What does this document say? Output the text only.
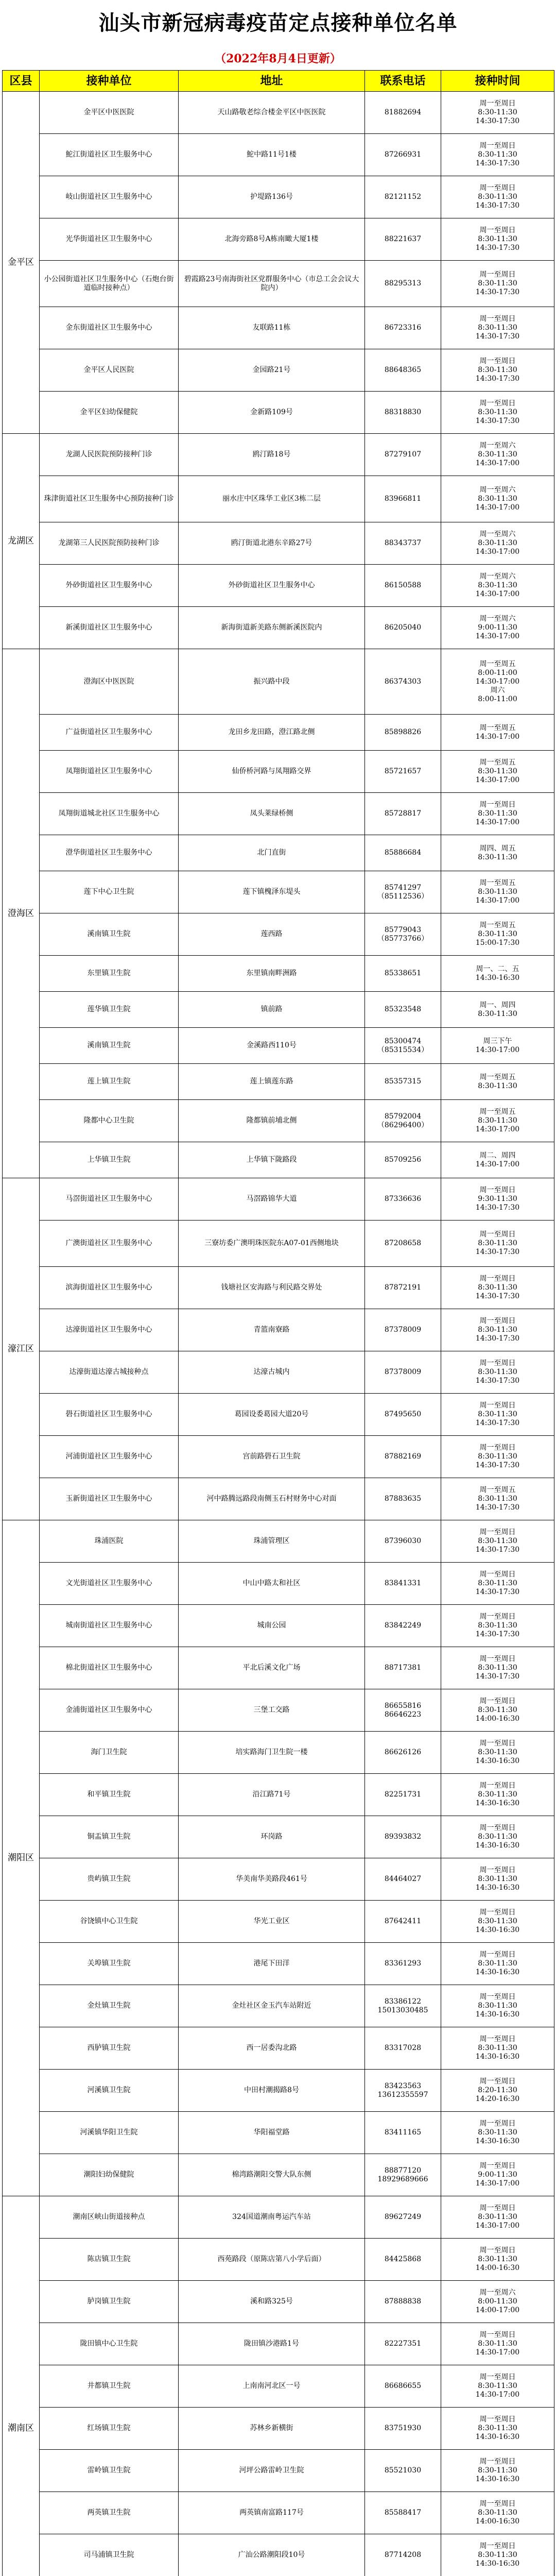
汕头市新冠病毒疫苗定点接种单位名单
（2022年8月4日更新）
区县	接种单位	地址	联系电话	接种时间
金平区	金平区中医医院	天山路敬老综合楼金平区中医医院	81882694	周一至周日
8:30-11:30
14:30-17:30
	鮀江街道社区卫生服务中心	鮀中路11号1楼	87266931	周一至周日
8:30-11:30
14:30-17:30
	岐山街道社区卫生服务中心	护堤路136号	82121152	周一至周日
8:30-11:30
14:30-17:30
	光华街道社区卫生服务中心	北海旁路8号A栋南瞰大厦1楼	88221637	周一至周日
8:30-11:30
14:30-17:30
	小公园街道社区卫生服务中心（石炮台街道临时接种点）	碧霞路23号南海街社区党群服务中心（市总工会会议大院内）	88295313	周一至周日
8:30-11:30
14:30-17:30
	金东街道社区卫生服务中心	友联路11栋	86723316	周一至周日
8:30-11:30
14:30-17:30
	金平区人民医院	金园路21号	88648365	周一至周日
8:30-11:30
14:30-17:30
	金平区妇幼保健院	金新路109号	88318830	周一至周日
8:30-11:30
14:30-17:30
龙湖区	龙湖人民医院预防接种门诊	鸥汀路18号	87279107	周一至周六
8:30-11:30
14:30-17:00
	珠津街道社区卫生服务中心预防接种门诊	丽水庄中区珠华工业区3栋二层	83966811	周一至周六
8:30-11:30
14:30-17:00
	龙湖第三人民医院预防接种门诊	鸥汀街道北港东辛路27号	88343737	周一至周六
8:30-11:30
14:30-17:00
	外砂街道社区卫生服务中心	外砂街道社区卫生服务中心	86150588	周一至周六
8:30-11:30
14:30-17:00
	新溪街道社区卫生服务中心	新海街道新美路东侧新溪医院内	86205040	周一至周六
9:00-11:30
14:30-17:00
澄海区	澄海区中医医院	振兴路中段	86374303	周一至周五
8:00-11:00
14:30-17:00
周六
8:00-11:00
	广益街道社区卫生服务中心	龙田乡龙田路，澄江路北侧	85898826	周一至周五
14:30-17:00
	凤翔街道社区卫生服务中心	仙侨桥河路与凤翔路交界	85721657	周一至周五
8:30-11:30
14:30-17:00
	凤翔街道城北社区卫生服务中心	凤头莱绿桥侧	85728817	周一至周日
8:30-11:30
14:30-17:00
	澄华街道社区卫生服务中心	北门直街	85886684	周四、周五
8:30-11:30
	莲下中心卫生院	莲下镇槐泽东堤头	85741297
（85112536）	周一至周五
8:30-11:30
14:30-17:00
	溪南镇卫生院	莲西路	85779043
（85773766）	周一至周五
8:30-11:30
15:00-17:30
	东里镇卫生院	东里镇南畔洲路	85338651	周一、二、五
14:30-16:30
	莲华镇卫生院	镇前路	85323548	周一、周四
8:30-11:30
	溪南镇卫生院	金溪路西110号	85300474
（85315534）	周三下午
14:30-17:00
	莲上镇卫生院	莲上镇莲东路	85357315	周一至周五
8:30-11:30
	隆都中心卫生院	隆都镇前埔北侧	85792004
（86296400）	周一至周五
8:30-11:30
14:30-17:00
	上华镇卫生院	上华镇下陇路段	85709256	周二、周四
14:30-17:00
濠江区	马滘街道社区卫生服务中心	马滘路锦华大道	87336636	周一至周日
9:30-11:30
14:30-17:30
	广澳街道社区卫生服务中心	三寮坊委广澳明珠医院东A07-01西侧地块	87208658	周一至周日
8:30-11:30
14:30-17:30
	滨海街道社区卫生服务中心	钱塘社区安海路与利民路交界处	87872191	周一至周日
8:30-11:30
14:30-17:30
	达濠街道社区卫生服务中心	青篮南寮路	87378009	周一至周日
8:30-11:30
14:30-17:30
	达濠街道达濠古城接种点	达濠古城内	87378009	周一至周日
8:30-11:30
14:30-17:30
	礐石街道社区卫生服务中心	葛园设委葛园大道20号	87495650	周一至周日
8:30-11:30
14:30-17:30
	河浦街道社区卫生服务中心	宫前路礐石卫生院	87882169	周一至周日
8:30-11:30
14:30-17:30
	玉新街道社区卫生服务中心	河中路腾远路段南侧玉石村财务中心对面	87883635	周一至周五
8:30-11:30
14:30-17:30
潮阳区	珠浦医院	珠浦管理区	87396030	周一至周日
8:30-11:30
14:30-17:30
	文光街道社区卫生服务中心	中山中路太和社区	83841331	周一至周日
8:30-11:30
14:30-17:30
	城南街道社区卫生服务中心	城南公园	83842249	周一至周日
8:30-11:30
14:30-17:30
	棉北街道社区卫生服务中心	平北后溪文化广场	88717381	周一至周日
8:30-11:30
14:30-17:30
	金浦街道社区卫生服务中心	三堡工交路	86655816
86646223	周一至周日
8:30-11:30
14:00-16:30
	海门卫生院	培实路海门卫生院一楼	86626126	周一至周日
8:30-11:30
14:30-16:30
	和平镇卫生院	沿江路71号	82251731	周一至周日
8:30-11:30
14:30-16:30
	铜盂镇卫生院	环岗路	89393832	周一至周日
8:30-11:30
14:30-16:30
	贵屿镇卫生院	华美南华美路段461号	84464027	周一至周日
8:30-11:30
14:30-16:30
	谷饶镇中心卫生院	华光工业区	87642411	周一至周日
8:30-11:30
14:30-16:30
	关埠镇卫生院	港尾下田洋	83361293	周一至周日
8:30-11:30
14:30-16:30
	金灶镇卫生院	金灶社区金玉汽车站附近	83386122
15013030485	周一至周日
8:30-11:30
14:30-16:30
	西胪镇卫生院	西一居委沟北路	83317028	周一至周日
8:30-11:30
14:30-16:30
	河溪镇卫生院	中田村潮揭路8号	83423563
13612355597	周一至周日
8:20-11:30
14:20-16:30
	河溪镇华阳卫生院	华阳福堂路	83411165	周一至周日
8:30-11:30
14:30-16:30
	潮阳妇幼保健院	棉湾路潮阳交警大队东侧	88877120
18929689666	周一至周日
9:00-11:30
14:30-17:00
潮南区	潮南区峡山街道接种点	324国道潮南粤运汽车站	89627249	周一至周日
8:30-11:30
14:30-17:00
	陈店镇卫生院	西苑路段（原陈店第八小学后面）	84425868	周一至周日
8:30-11:30
14:00-16:30
	胪岗镇卫生院	溪和路325号	87888838	周一至周六
8:00-11:30
14:00-17:00
	陇田镇中心卫生院	陇田镇沙港路1号	82227351	周一至周日
8:30-11:30
14:30-17:00
	井都镇卫生院	上南南河北区一号	86686655	周一至周日
8:30-11:30
14:30-17:00
	红场镇卫生院	苏林乡新横街	83751930	周一至周日
8:30-11:30
14:30-16:30
	雷岭镇卫生院	河坪公路雷岭卫生院	85521030	周一至周日
8:30-11:30
14:30-16:30
	两英镇卫生院	两英镇南富路117号	85588417	周一至周日
8:30-11:30
14:00-16:30
	司马浦镇卫生院	广汕公路潮阳段10号	87714208	周一至周日
8:30-11:30
14:30-16:30
